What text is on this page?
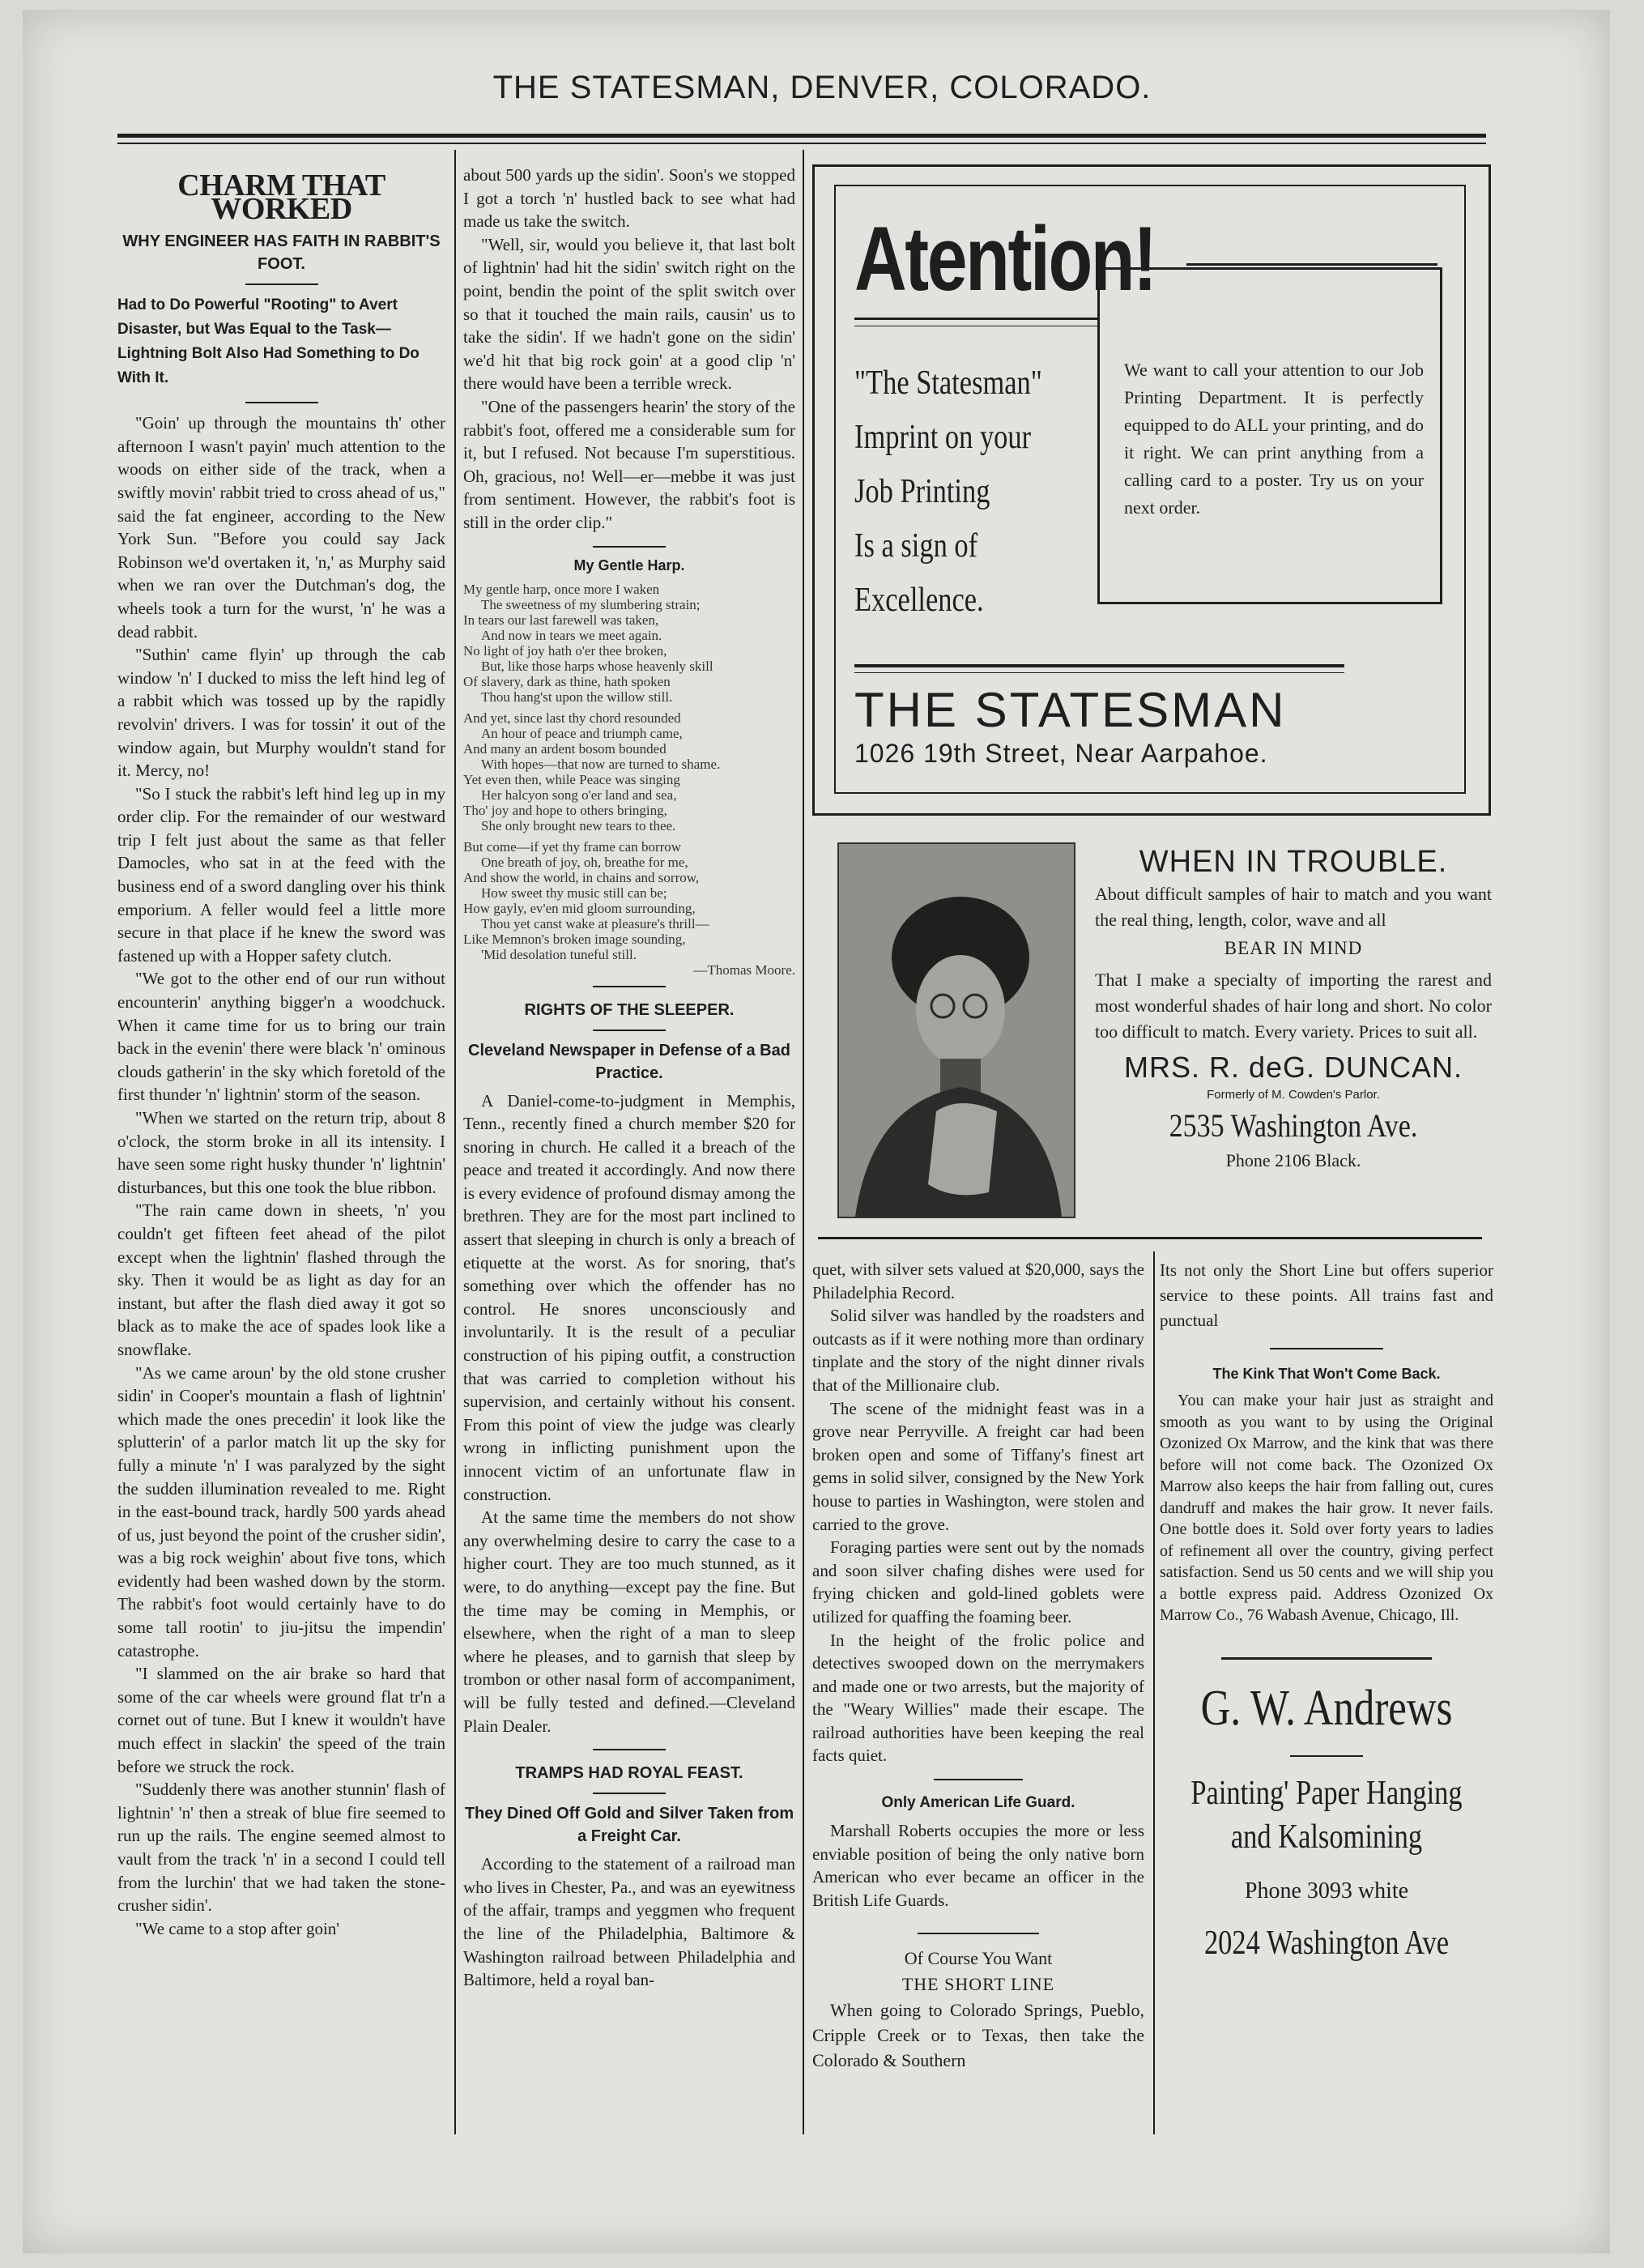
THE STATESMAN, DENVER, COLORADO.
CHARM THAT WORKED
WHY ENGINEER HAS FAITH IN RABBIT'S FOOT.
Had to Do Powerful "Rooting" to Avert Disaster, but Was Equal to the Task—Lightning Bolt Also Had Something to Do With It.

"Goin' up through the mountains th' other afternoon I wasn't payin' much attention to the woods on either side of the track, when a swiftly movin' rabbit tried to cross ahead of us," said the fat engineer, according to the New York Sun. "Before you could say Jack Robinson we'd overtaken it, 'n,' as Murphy said when we ran over the Dutchman's dog, the wheels took a turn for the wurst, 'n' he was a dead rabbit.

"Suthin' came flyin' up through the cab window 'n' I ducked to miss the left hind leg of a rabbit which was tossed up by the rapidly revolvin' drivers. I was for tossin' it out of the window again, but Murphy wouldn't stand for it. Mercy, no!

"So I stuck the rabbit's left hind leg up in my order clip. For the remainder of our westward trip I felt just about the same as that feller Damocles, who sat in at the feed with the business end of a sword dangling over his think emporium. A feller would feel a little more secure in that place if he knew the sword was fastened up with a Hopper safety clutch.

"We got to the other end of our run without encounterin' anything bigger'n a woodchuck. When it came time for us to bring our train back in the evenin' there were black 'n' ominous clouds gatherin' in the sky which foretold of the first thunder 'n' lightnin' storm of the season.

"When we started on the return trip, about 8 o'clock, the storm broke in all its intensity. I have seen some right husky thunder 'n' lightnin' disturbances, but this one took the blue ribbon.

"The rain came down in sheets, 'n' you couldn't get fifteen feet ahead of the pilot except when the lightnin' flashed through the sky. Then it would be as light as day for an instant, but after the flash died away it got so black as to make the ace of spades look like a snowflake.

"As we came aroun' by the old stone crusher sidin' in Cooper's mountain a flash of lightnin' which made the ones precedin' it look like the splutterin' of a parlor match lit up the sky for fully a minute 'n' I was paralyzed by the sight the sudden illumination revealed to me. Right in the east-bound track, hardly 500 yards ahead of us, just beyond the point of the crusher sidin', was a big rock weighin' about five tons, which evidently had been washed down by the storm. The rabbit's foot would certainly have to do some tall rootin' to jiu-jitsu the impendin' catastrophe.

"I slammed on the air brake so hard that some of the car wheels were ground flat tr'n a cornet out of tune. But I knew it wouldn't have much effect in slackin' the speed of the train before we struck the rock.

"Suddenly there was another stunnin' flash of lightnin' 'n' then a streak of blue fire seemed to run up the rails. The engine seemed almost to vault from the track 'n' in a second I could tell from the lurchin' that we had taken the stone-crusher sidin'.

"We came to a stop after goin'

about 500 yards up the sidin'. Soon's we stopped I got a torch 'n' hustled back to see what had made us take the switch.

"Well, sir, would you believe it, that last bolt of lightnin' had hit the sidin' switch right on the point, bendin the point of the split switch over so that it touched the main rails, causin' us to take the sidin'. If we hadn't gone on the sidin' we'd hit that big rock goin' at a good clip 'n' there would have been a terrible wreck.

"One of the passengers hearin' the story of the rabbit's foot, offered me a considerable sum for it, but I refused. Not because I'm superstitious. Oh, gracious, no! Well—er—mebbe it was just from sentiment. However, the rabbit's foot is still in the order clip."

My Gentle Harp.
My gentle harp, once more I waken
The sweetness of my slumbering strain;
In tears our last farewell was taken,
And now in tears we meet again.
No light of joy hath o'er thee broken,
But, like those harps whose heavenly skill
Of slavery, dark as thine, hath spoken
Thou hang'st upon the willow still.
And yet, since last thy chord resounded
An hour of peace and triumph came,
And many an ardent bosom bounded
With hopes—that now are turned to shame.
Yet even then, while Peace was singing
Her halcyon song o'er land and sea,
Tho' joy and hope to others bringing,
She only brought new tears to thee.
But come—if yet thy frame can borrow
One breath of joy, oh, breathe for me,
And show the world, in chains and sorrow,
How sweet thy music still can be;
How gayly, ev'en mid gloom surrounding,
Thou yet canst wake at pleasure's thrill—
Like Memnon's broken image sounding,
'Mid desolation tuneful still.
—Thomas Moore.
RIGHTS OF THE SLEEPER.
Cleveland Newspaper in Defense of a Bad Practice.

A Daniel-come-to-judgment in Memphis, Tenn., recently fined a church member $20 for snoring in church. He called it a breach of the peace and treated it accordingly. And now there is every evidence of profound dismay among the brethren. They are for the most part inclined to assert that sleeping in church is only a breach of etiquette at the worst. As for snoring, that's something over which the offender has no control. He snores unconsciously and involuntarily. It is the result of a peculiar construction of his piping outfit, a construction that was carried to completion without his supervision, and certainly without his consent. From this point of view the judge was clearly wrong in inflicting punishment upon the innocent victim of an unfortunate flaw in construction.

At the same time the members do not show any overwhelming desire to carry the case to a higher court. They are too much stunned, as it were, to do anything—except pay the fine. But the time may be coming in Memphis, or elsewhere, when the right of a man to sleep where he pleases, and to garnish that sleep by trombon or other nasal form of accompaniment, will be fully tested and defined.—Cleveland Plain Dealer.

TRAMPS HAD ROYAL FEAST.
They Dined Off Gold and Silver Taken from a Freight Car.

According to the statement of a railroad man who lives in Chester, Pa., and was an eyewitness of the affair, tramps and yeggmen who frequent the line of the Philadelphia, Baltimore & Washington railroad between Philadelphia and Baltimore, held a royal ban-

Atention!
We want to call your attention to our Job Printing Department. It is perfectly equipped to do ALL your printing, and do it right. We can print anything from a calling card to a poster. Try us on your next order.
"The Statesman"
Imprint on your
Job Printing
Is a sign of
Excellence.
THE STATESMAN
1026 19th Street, Near Aarpahoe.
WHEN IN TROUBLE.
About difficult samples of hair to match and you want the real thing, length, color, wave and all
BEAR IN MIND
That I make a specialty of importing the rarest and most wonderful shades of hair long and short. No color too difficult to match. Every variety. Prices to suit all.
MRS. R. deG. DUNCAN.
Formerly of M. Cowden's Parlor.
2535 Washington Ave.
Phone 2106 Black.

quet, with silver sets valued at $20,000, says the Philadelphia Record.

Solid silver was handled by the roadsters and outcasts as if it were nothing more than ordinary tinplate and the story of the night dinner rivals that of the Millionaire club.

The scene of the midnight feast was in a grove near Perryville. A freight car had been broken open and some of Tiffany's finest art gems in solid silver, consigned by the New York house to parties in Washington, were stolen and carried to the grove.

Foraging parties were sent out by the nomads and soon silver chafing dishes were used for frying chicken and gold-lined goblets were utilized for quaffing the foaming beer.

In the height of the frolic police and detectives swooped down on the merrymakers and made one or two arrests, but the majority of the "Weary Willies" made their escape. The railroad authorities have been keeping the real facts quiet.

Only American Life Guard.

Marshall Roberts occupies the more or less enviable position of being the only native born American who ever became an officer in the British Life Guards.

Of Course You Want
THE SHORT LINE

When going to Colorado Springs, Pueblo, Cripple Creek or to Texas, then take the Colorado & Southern

Its not only the Short Line but offers superior service to these points. All trains fast and punctual

The Kink That Won't Come Back.

You can make your hair just as straight and smooth as you want to by using the Original Ozonized Ox Marrow, and the kink that was there before will not come back. The Ozonized Ox Marrow also keeps the hair from falling out, cures dandruff and makes the hair grow. It never fails. One bottle does it. Sold over forty years to ladies of refinement all over the country, giving perfect satisfaction. Send us 50 cents and we will ship you a bottle express paid. Address Ozonized Ox Marrow Co., 76 Wabash Avenue, Chicago, Ill.

G. W. Andrews
Painting' Paper Hanging and Kalsomining
Phone 3093 white
2024 Washington Ave
